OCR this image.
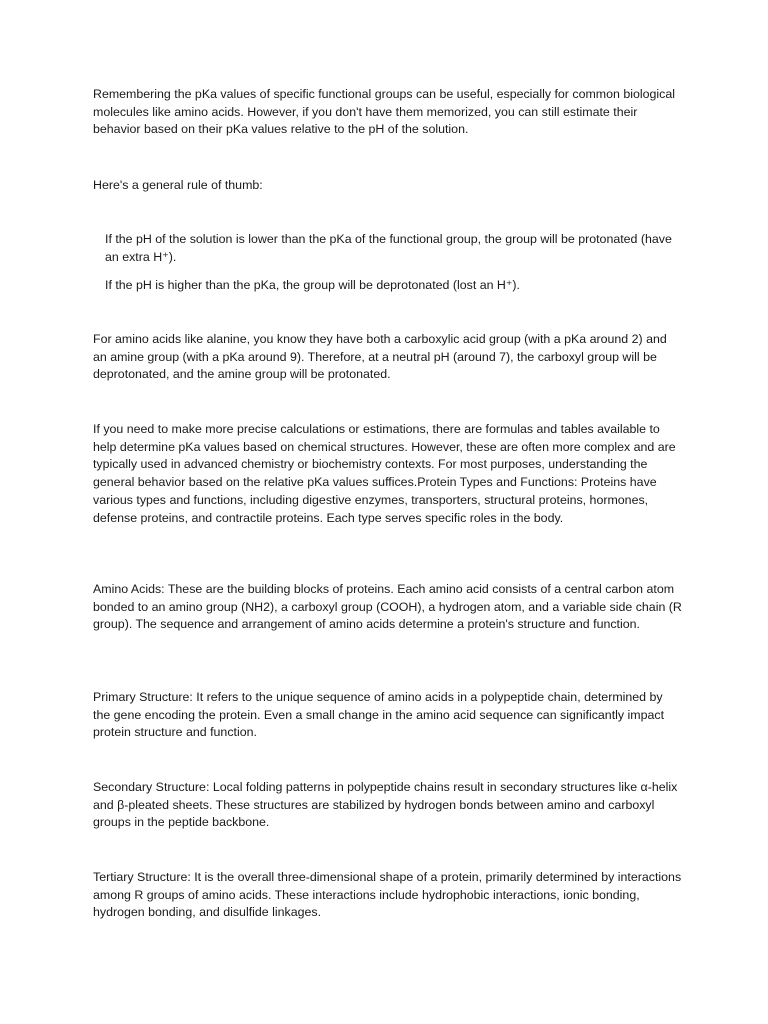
Remembering the pKa values of specific functional groups can be useful, especially for common biological molecules like amino acids. However, if you don't have them memorized, you can still estimate their behavior based on their pKa values relative to the pH of the solution.

Here's a general rule of thumb:

If the pH of the solution is lower than the pKa of the functional group, the group will be protonated (have an extra H⁺).

If the pH is higher than the pKa, the group will be deprotonated (lost an H⁺).

For amino acids like alanine, you know they have both a carboxylic acid group (with a pKa around 2) and an amine group (with a pKa around 9). Therefore, at a neutral pH (around 7), the carboxyl group will be deprotonated, and the amine group will be protonated.

If you need to make more precise calculations or estimations, there are formulas and tables available to help determine pKa values based on chemical structures. However, these are often more complex and are typically used in advanced chemistry or biochemistry contexts. For most purposes, understanding the general behavior based on the relative pKa values suffices.Protein Types and Functions: Proteins have various types and functions, including digestive enzymes, transporters, structural proteins, hormones, defense proteins, and contractile proteins. Each type serves specific roles in the body.

Amino Acids: These are the building blocks of proteins. Each amino acid consists of a central carbon atom bonded to an amino group (NH2), a carboxyl group (COOH), a hydrogen atom, and a variable side chain (R group). The sequence and arrangement of amino acids determine a protein's structure and function.

Primary Structure: It refers to the unique sequence of amino acids in a polypeptide chain, determined by the gene encoding the protein. Even a small change in the amino acid sequence can significantly impact protein structure and function.

Secondary Structure: Local folding patterns in polypeptide chains result in secondary structures like α-helix and β-pleated sheets. These structures are stabilized by hydrogen bonds between amino and carboxyl groups in the peptide backbone.

Tertiary Structure: It is the overall three-dimensional shape of a protein, primarily determined by interactions among R groups of amino acids. These interactions include hydrophobic interactions, ionic bonding, hydrogen bonding, and disulfide linkages.
